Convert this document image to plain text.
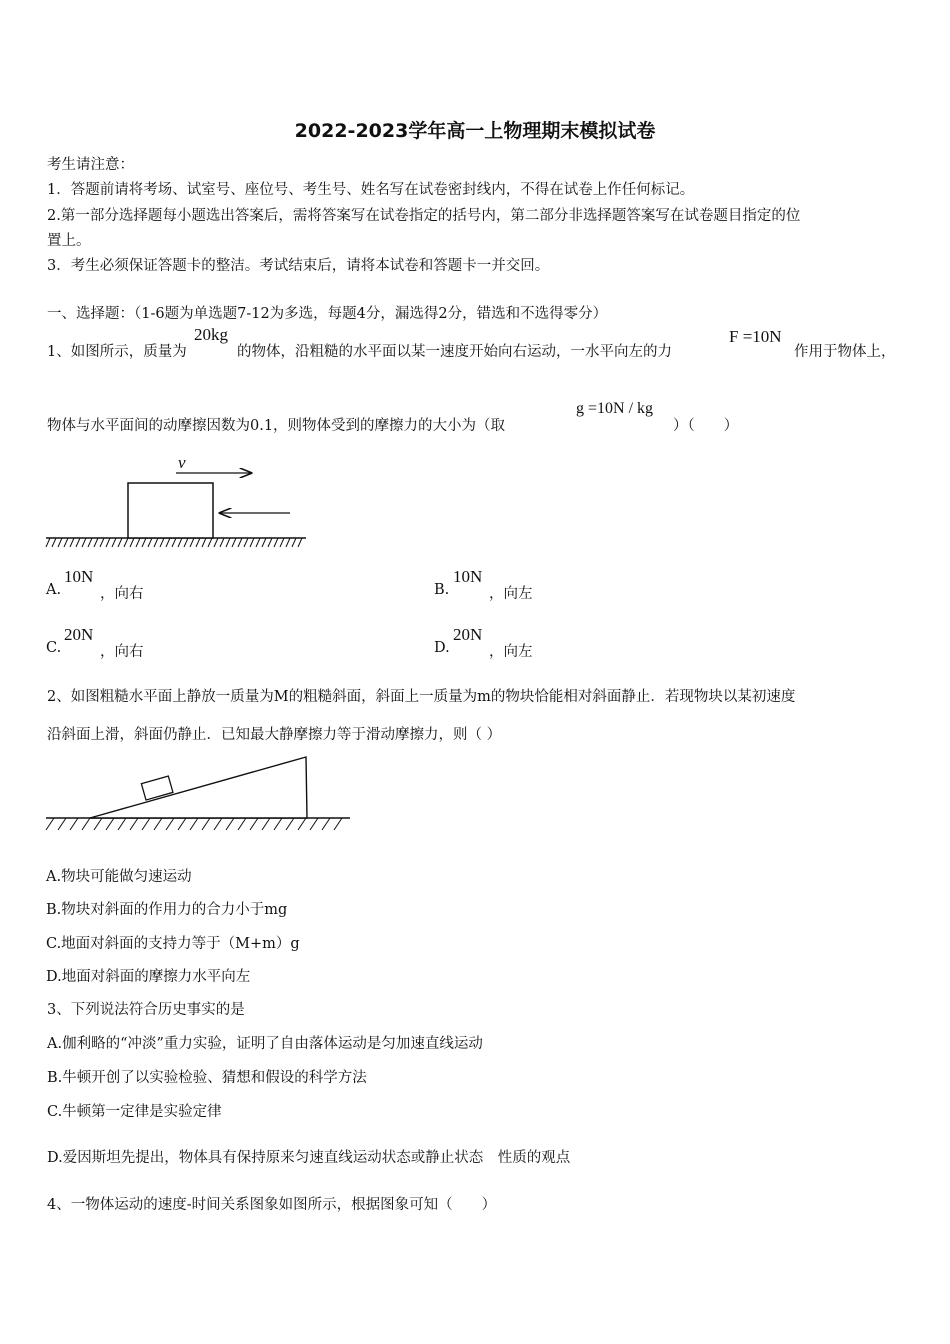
2022-2023学年高一上物理期末模拟试卷
考生请注意：
1．答题前请将考场、试室号、座位号、考生号、姓名写在试卷密封线内，不得在试卷上作任何标记。
2.第一部分选择题每小题选出答案后，需将答案写在试卷指定的括号内，第二部分非选择题答案写在试卷题目指定的位
置上。
3．考生必须保证答题卡的整洁。考试结束后，请将本试卷和答题卡一并交回。
一、选择题：（1-6题为单选题7-12为多选，每题4分，漏选得2分，错选和不选得零分）
1、如图所示，质量为
20kg
的物体，沿粗糙的水平面以某一速度开始向右运动，一水平向左的力
F =10N
作用于物体上，
物体与水平面间的动摩擦因数为0.1，则物体受到的摩擦力的大小为（取
g =10N / kg
）（　　）
v
A.
10N
，向右	B.
10N
，向左
C.
20N
，向右	D.
20N
，向左
2、如图粗糙水平面上静放一质量为M的粗糙斜面，斜面上一质量为m的物块恰能相对斜面静止．若现物块以某初速度
沿斜面上滑，斜面仍静止．已知最大静摩擦力等于滑动摩擦力，则（ ）
A.物块可能做匀速运动
B.物块对斜面的作用力的合力小于mg
C.地面对斜面的支持力等于（M+m）g
D.地面对斜面的摩擦力水平向左
3、下列说法符合历史事实的是
A.伽利略的“冲淡”重力实验，证明了自由落体运动是匀加速直线运动
B.牛顿开创了以实验检验、猜想和假设的科学方法
C.牛顿第一定律是实验定律
D.爱因斯坦先提出，物体具有保持原来匀速直线运动状态或静止状态　性质的观点
4、一物体运动的速度-时间关系图象如图所示，根据图象可知（　　）
